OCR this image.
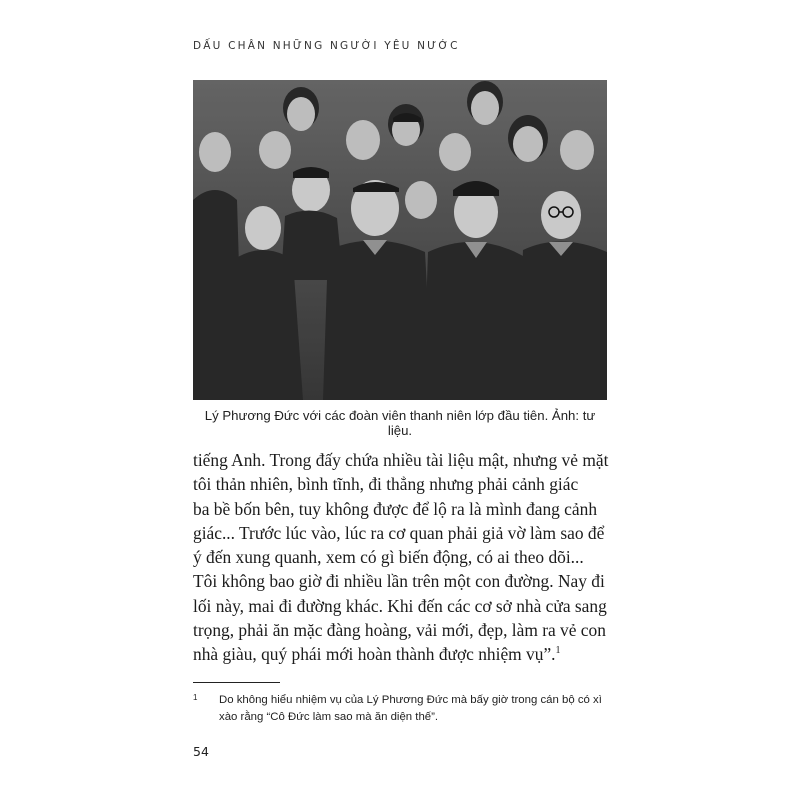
DẤU CHÂN NHỮNG NGƯỜI YÊU NƯỚC
Lý Phương Đức với các đoàn viên thanh niên lớp đầu tiên. Ảnh: tư liệu.

tiếng Anh. Trong đấy chứa nhiều tài liệu mật, nhưng vẻ mặt

tôi thản nhiên, bình tĩnh, đi thẳng nhưng phải cảnh giác

ba bề bốn bên, tuy không được để lộ ra là mình đang cảnh

giác... Trước lúc vào, lúc ra cơ quan phải giả vờ làm sao để

ý đến xung quanh, xem có gì biến động, có ai theo dõi...

Tôi không bao giờ đi nhiều lần trên một con đường. Nay đi

lối này, mai đi đường khác. Khi đến các cơ sở nhà cửa sang

trọng, phải ăn mặc đàng hoàng, vải mới, đẹp, làm ra vẻ con

nhà giàu, quý phái mới hoàn thành được nhiệm vụ”.$^1$

1	Do không hiểu nhiệm vụ của Lý Phương Đức mà bấy giờ trong cán bộ có xì xào rằng “Cô Đức làm sao mà ăn diện thế”.
54
